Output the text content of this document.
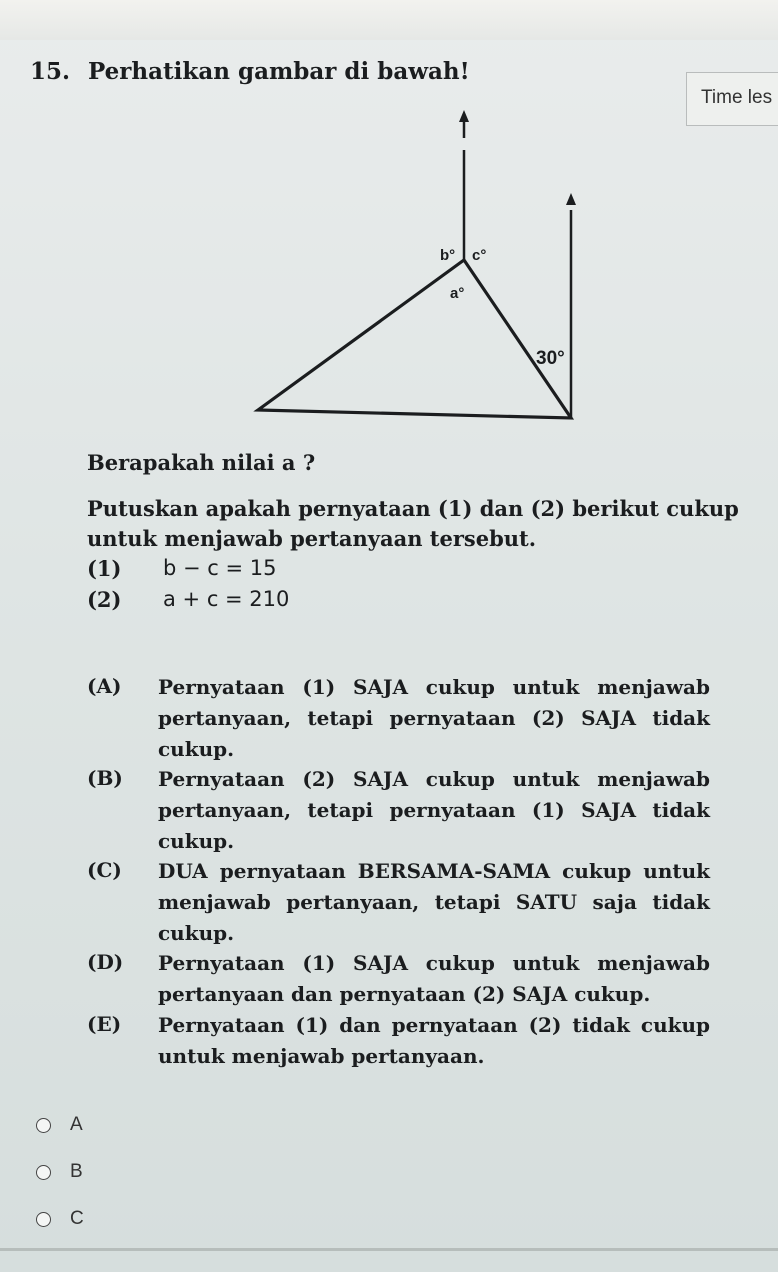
15. Perhatikan gambar di bawah!
Time les
b° c°
a°
30°
Berapakah nilai a ?
Putuskan apakah pernyataan (1) dan (2) berikut cukup
untuk menjawab pertanyaan tersebut.
(1) b − c = 15
(2) a + c = 210
(A) Pernyataan (1) SAJA cukup untuk menjawab pertanyaan, tetapi pernyataan (2) SAJA tidak cukup.
(B) Pernyataan (2) SAJA cukup untuk menjawab pertanyaan, tetapi pernyataan (1) SAJA tidak cukup.
(C) DUA pernyataan BERSAMA-SAMA cukup untuk menjawab pertanyaan, tetapi SATU saja tidak cukup.
(D) Pernyataan (1) SAJA cukup untuk menjawab pertanyaan dan pernyataan (2) SAJA cukup.
(E) Pernyataan (1) dan pernyataan (2) tidak cukup untuk menjawab pertanyaan.
A
B
C
